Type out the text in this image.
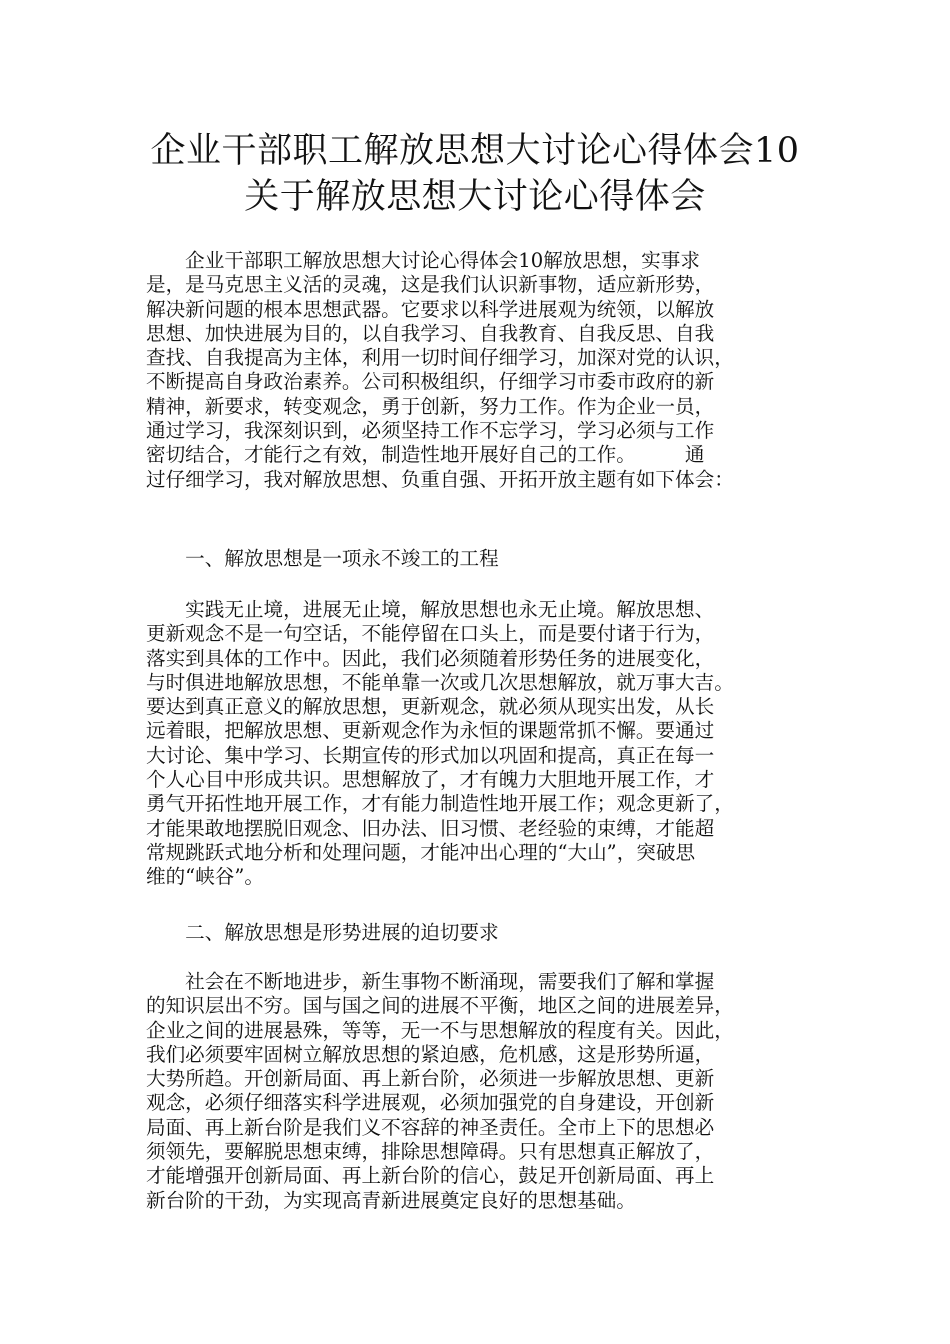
企业干部职工解放思想大讨论心得体会10
关于解放思想大讨论心得体会
　　企业干部职工解放思想大讨论心得体会10解放思想，实事求
是，是马克思主义活的灵魂，这是我们认识新事物，适应新形势，
解决新问题的根本思想武器。它要求以科学进展观为统领，以解放
思想、加快进展为目的，以自我学习、自我教育、自我反思、自我
查找、自我提高为主体，利用一切时间仔细学习，加深对党的认识，
不断提高自身政治素养。公司积极组织，仔细学习市委市政府的新
精神，新要求，转变观念，勇于创新，努力工作。作为企业一员，
通过学习，我深刻识到，必须坚持工作不忘学习，学习必须与工作
密切结合，才能行之有效，制造性地开展好自己的工作。　　　通
过仔细学习，我对解放思想、负重自强、开拓开放主题有如下体会：
　　一、解放思想是一项永不竣工的工程
　　实践无止境，进展无止境，解放思想也永无止境。解放思想、
更新观念不是一句空话，不能停留在口头上，而是要付诸于行为，
落实到具体的工作中。因此，我们必须随着形势任务的进展变化，
与时俱进地解放思想，不能单靠一次或几次思想解放，就万事大吉。
要达到真正意义的解放思想，更新观念，就必须从现实出发，从长
远着眼，把解放思想、更新观念作为永恒的课题常抓不懈。要通过
大讨论、集中学习、长期宣传的形式加以巩固和提高，真正在每一
个人心目中形成共识。思想解放了，才有魄力大胆地开展工作，才
勇气开拓性地开展工作，才有能力制造性地开展工作；观念更新了，
才能果敢地摆脱旧观念、旧办法、旧习惯、老经验的束缚，才能超
常规跳跃式地分析和处理问题，才能冲出心理的“大山”，突破思
维的“峡谷”。
　　二、解放思想是形势进展的迫切要求
　　社会在不断地进步，新生事物不断涌现，需要我们了解和掌握
的知识层出不穷。国与国之间的进展不平衡，地区之间的进展差异，
企业之间的进展悬殊，等等，无一不与思想解放的程度有关。因此，
我们必须要牢固树立解放思想的紧迫感，危机感，这是形势所逼，
大势所趋。开创新局面、再上新台阶，必须进一步解放思想、更新
观念，必须仔细落实科学进展观，必须加强党的自身建设，开创新
局面、再上新台阶是我们义不容辞的神圣责任。全市上下的思想必
须领先，要解脱思想束缚，排除思想障碍。只有思想真正解放了，
才能增强开创新局面、再上新台阶的信心，鼓足开创新局面、再上
新台阶的干劲，为实现高青新进展奠定良好的思想基础。
